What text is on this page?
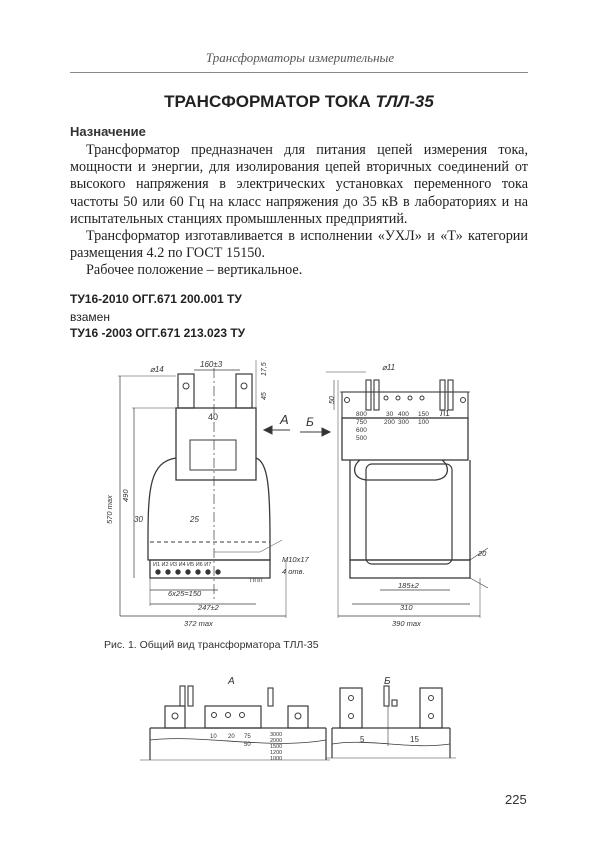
Трансформаторы измерительные
ТРАНСФОРМАТОР ТОКА ТЛЛ-35
Назначение

Трансформатор предназначен для питания цепей измерения тока, мощности и энергии, для изолирования цепей вторичных соединений от высокого напряжения в электрических установках переменного тока частоты 50 или 60 Гц на класс напряжения до 35 кВ в лабораториях и на испытательных станциях промышленных предприятий.

Трансформатор изготавливается в исполнении «УХЛ» и «Т» категории размещения 4.2 по ГОСТ 15150.

Рабочее положение – вертикальное.

ТУ16-2010 ОГГ.671 200.001 ТУ
взамен
ТУ16 -2003 ОГГ.671 213.023 ТУ
⌀14
160±3	17,5
45
40	A
570 max 490
30	25
И1 И2 И3 И4 И5 И6 И7
M10x17
4 отв.
ППЛ
6х25=150
247±2
372 max
⌀11
50
Б
800
750
600
500
30
200
400
300
150
100
Л1
20
185±2
310
390 max
А
10 20 75
50
3000
2000
1500
1200
1000
Б
5	15
Рис. 1. Общий вид трансформатора ТЛЛ-35
225
